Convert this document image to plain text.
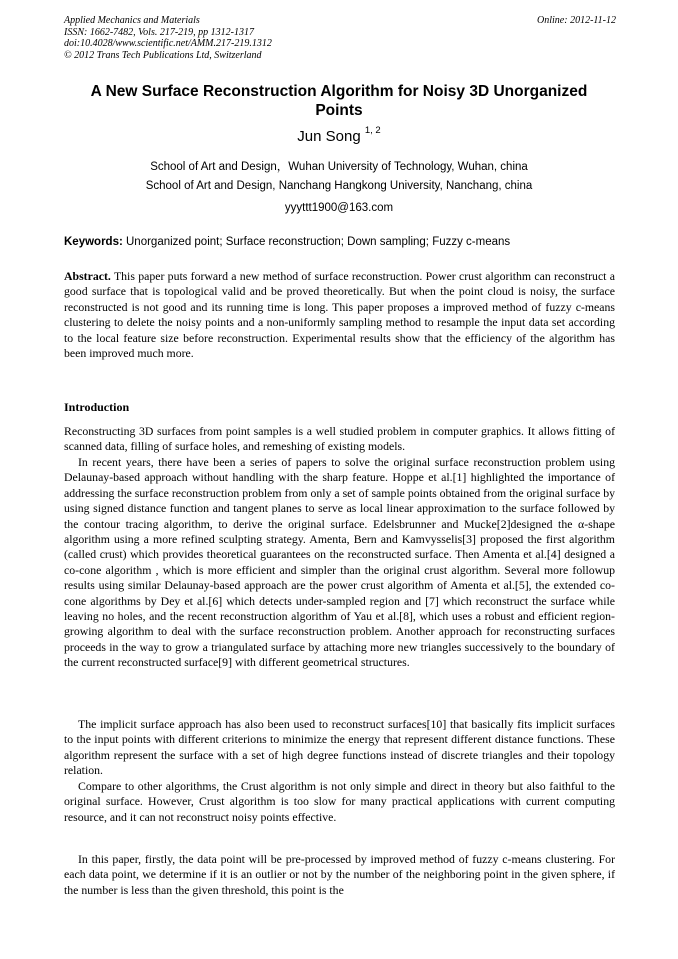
Applied Mechanics and Materials
ISSN: 1662-7482, Vols. 217-219, pp 1312-1317
doi:10.4028/www.scientific.net/AMM.217-219.1312
© 2012 Trans Tech Publications Ltd, Switzerland
Online: 2012-11-12
A New Surface Reconstruction Algorithm for Noisy 3D Unorganized Points
Jun Song $^{1, 2}$
School of Art and Design，Wuhan University of Technology, Wuhan, china
School of Art and Design, Nanchang Hangkong University, Nanchang, china
yyyttt1900@163.com
Keywords: Unorganized point; Surface reconstruction; Down sampling; Fuzzy c-means
Abstract. This paper puts forward a new method of surface reconstruction. Power crust algorithm can reconstruct a good surface that is topological valid and be proved theoretically. But when the point cloud is noisy, the surface reconstructed is not good and its running time is long. This paper proposes a improved method of fuzzy c-means clustering to delete the noisy points and a non-uniformly sampling method to resample the input data set according to the local feature size before reconstruction. Experimental results show that the efficiency of the algorithm has been improved much more.
Introduction
Reconstructing 3D surfaces from point samples is a well studied problem in computer graphics. It allows fitting of scanned data, filling of surface holes, and remeshing of existing models.
In recent years, there have been a series of papers to solve the original surface reconstruction problem using Delaunay-based approach without handling with the sharp feature. Hoppe et al.[1] highlighted the importance of addressing the surface reconstruction problem from only a set of sample points obtained from the original surface by using signed distance function and tangent planes to serve as local linear approximation to the surface followed by the contour tracing algorithm, to derive the original surface. Edelsbrunner and Mucke[2]designed the α-shape algorithm using a more refined sculpting strategy. Amenta, Bern and Kamvysselis[3] proposed the first algorithm (called crust) which provides theoretical guarantees on the reconstructed surface. Then Amenta et al.[4] designed a co-cone algorithm , which is more efficient and simpler than the original crust algorithm. Several more followup results using similar Delaunay-based approach are the power crust algorithm of Amenta et al.[5], the extended co-cone algorithms by Dey et al.[6] which detects under-sampled region and [7] which reconstruct the surface while leaving no holes, and the recent reconstruction algorithm of Yau et al.[8], which uses a robust and efficient region-growing algorithm to deal with the surface reconstruction problem. Another approach for reconstructing surfaces proceeds in the way to grow a triangulated surface by attaching more new triangles successively to the boundary of the current reconstructed surface[9] with different geometrical structures.
The implicit surface approach has also been used to reconstruct surfaces[10] that basically fits implicit surfaces to the input points with different criterions to minimize the energy that represent different distance functions. These algorithm represent the surface with a set of high degree functions instead of discrete triangles and their topology relation.
Compare to other algorithms, the Crust algorithm is not only simple and direct in theory but also faithful to the original surface. However, Crust algorithm is too slow for many practical applications with current computing resource, and it can not reconstruct noisy points effective.
In this paper, firstly, the data point will be pre-processed by improved method of fuzzy c-means clustering. For each data point, we determine if it is an outlier or not by the number of the neighboring point in the given sphere, if the number is less than the given threshold, this point is the
